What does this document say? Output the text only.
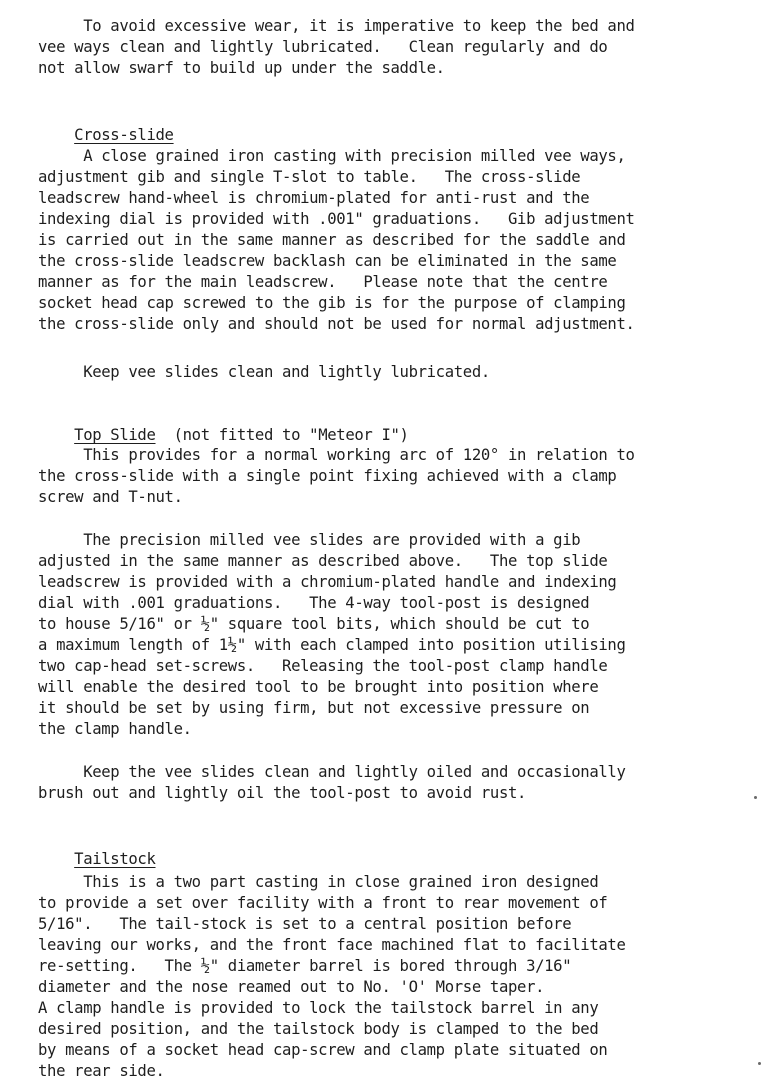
To avoid excessive wear, it is imperative to keep the bed and
vee ways clean and lightly lubricated.   Clean regularly and do
not allow swarf to build up under the saddle.

Cross-slide

A close grained iron casting with precision milled vee ways,
adjustment gib and single T-slot to table.   The cross-slide
leadscrew hand-wheel is chromium-plated for anti-rust and the
indexing dial is provided with .001" graduations.   Gib adjustment
is carried out in the same manner as described for the saddle and
the cross-slide leadscrew backlash can be eliminated in the same
manner as for the main leadscrew.   Please note that the centre
socket head cap screwed to the gib is for the purpose of clamping
the cross-slide only and should not be used for normal adjustment.
Keep vee slides clean and lightly lubricated.

Top Slide  (not fitted to "Meteor I")

This provides for a normal working arc of 120° in relation to
the cross-slide with a single point fixing achieved with a clamp
screw and T-nut.
The precision milled vee slides are provided with a gib
adjusted in the same manner as described above.   The top slide
leadscrew is provided with a chromium-plated handle and indexing
dial with .001 graduations.   The 4-way tool-post is designed
to house 5/16" or ½" square tool bits, which should be cut to
a maximum length of 1½" with each clamped into position utilising
two cap-head set-screws.   Releasing the tool-post clamp handle
will enable the desired tool to be brought into position where
it should be set by using firm, but not excessive pressure on
the clamp handle.
Keep the vee slides clean and lightly oiled and occasionally
brush out and lightly oil the tool-post to avoid rust.

Tailstock

This is a two part casting in close grained iron designed
to provide a set over facility with a front to rear movement of
5/16".   The tail-stock is set to a central position before
leaving our works, and the front face machined flat to facilitate
re-setting.   The ½" diameter barrel is bored through 3/16"
diameter and the nose reamed out to No. 'O' Morse taper.
A clamp handle is provided to lock the tailstock barrel in any
desired position, and the tailstock body is clamped to the bed
by means of a socket head cap-screw and clamp plate situated on
the rear side.
